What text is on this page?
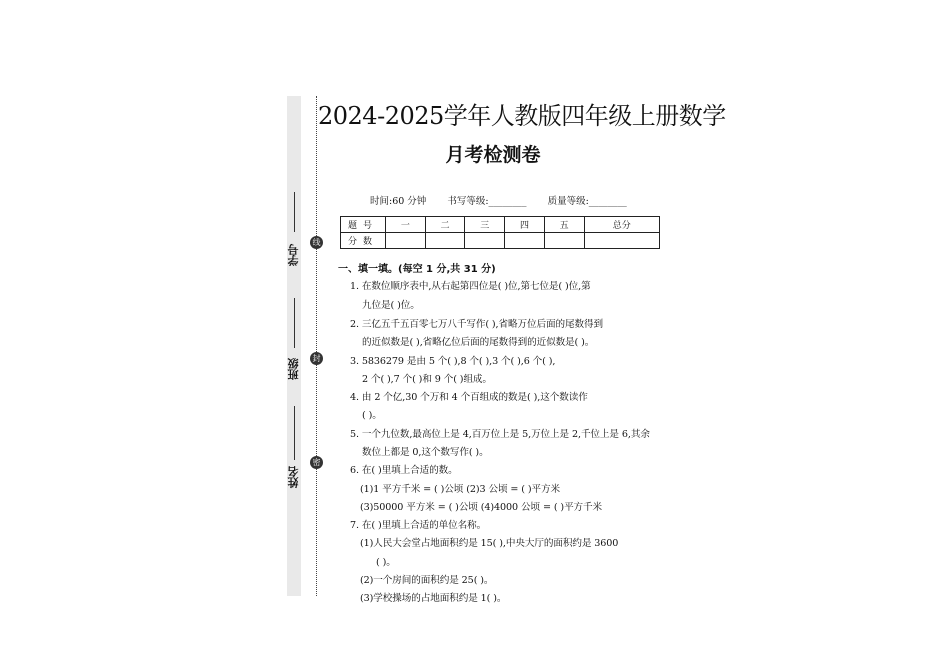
学号
线
班级	封
姓名
密
2024-2025学年人教版四年级上册数学
月考检测卷
时间:60 分钟 书写等级:________ 质量等级:________
题号	一	二	三	四	五	总分
分数						
一、填一填。(每空 1 分,共 31 分)
1. 在数位顺序表中,从右起第四位是( )位,第七位是( )位,第
九位是( )位。
2. 三亿五千五百零七万八千写作( ),省略万位后面的尾数得到
的近似数是( ),省略亿位后面的尾数得到的近似数是( )。
3. 5836279 是由 5 个( ),8 个( ),3 个( ),6 个( ),
2 个( ),7 个( )和 9 个( )组成。
4. 由 2 个亿,30 个万和 4 个百组成的数是( ),这个数读作
( )。
5. 一个九位数,最高位上是 4,百万位上是 5,万位上是 2,千位上是 6,其余
数位上都是 0,这个数写作( )。
6. 在( )里填上合适的数。
(1)1 平方千米 = ( )公顷 (2)3 公顷 = ( )平方米
(3)50000 平方米 = ( )公顷 (4)4000 公顷 = ( )平方千米
7. 在( )里填上合适的单位名称。
(1)人民大会堂占地面积约是 15( ),中央大厅的面积约是 3600
( )。
(2)一个房间的面积约是 25( )。
(3)学校操场的占地面积约是 1( )。
